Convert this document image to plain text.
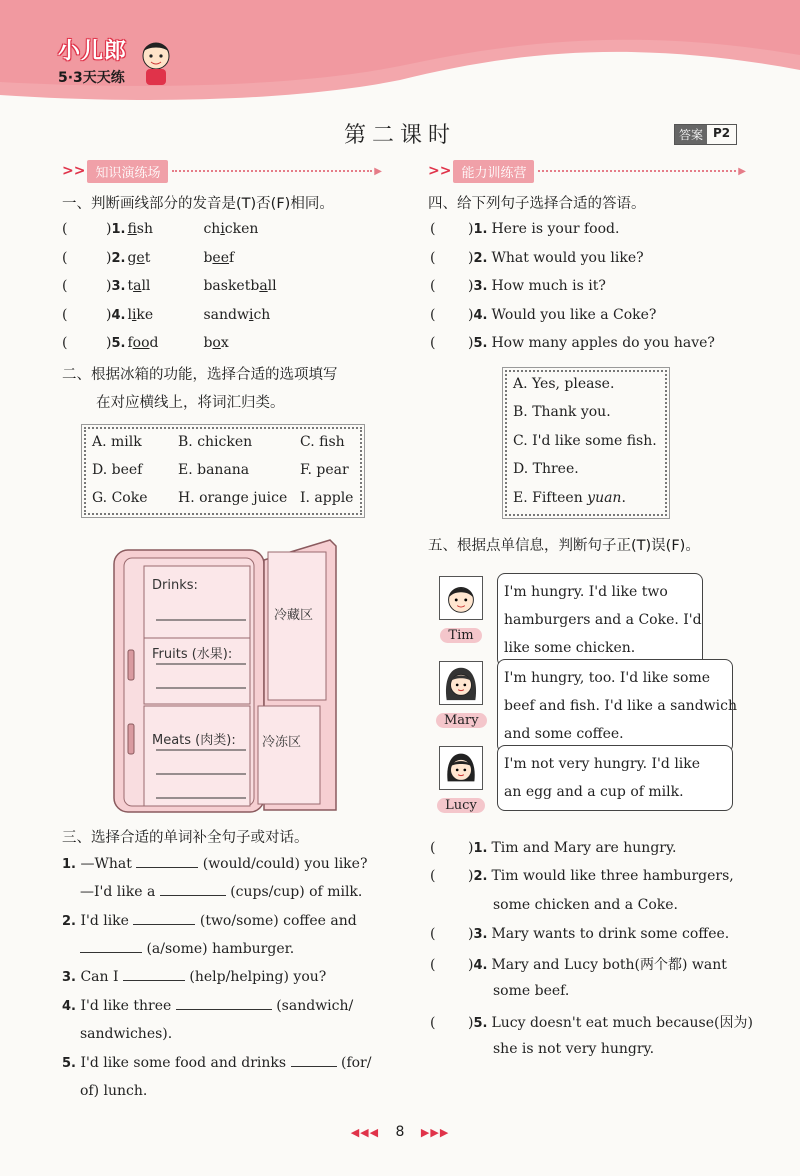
小儿郎
5·3天天练
第二课时	答案 P2
>> 知识演练场	▶
一、判断画线部分的发音是(T)否(F)相同。
(	)1. fish	chicken
(	)2. get	beef
(	)3. tall	basketball
(	)4. like	sandwich
(	)5. food	box
二、根据冰箱的功能，选择合适的选项填写
在对应横线上，将词汇归类。
A. milk	B. chicken	C. fish
D. beef	E. banana	F. pear
G. Coke H. orange juice I. apple
Drinks:
Fruits (水果):
Meats (肉类):
冷藏区
冷冻区
三、选择合适的单词补全句子或对话。
1. —What	(would/could) you like?
—I'd like a	(cups/cup) of milk.
2. I'd like	(two/some) coffee and
(a/some) hamburger.
3. Can I	(help/helping) you?
4. I'd like three	(sandwich/
sandwiches).
5. I'd like some food and drinks	(for/
of) lunch.
>> 能力训练营	▶
四、给下列句子选择合适的答语。
( )1. Here is your food.
( )2. What would you like?
( )3. How much is it?
( )4. Would you like a Coke?
( )5. How many apples do you have?
A. Yes, please.
B. Thank you.
C. I'd like some fish.
D. Three.
E. Fifteen yuan.
五、根据点单信息，判断句子正(T)误(F)。
Tim
I'm hungry. I'd like two
hamburgers and a Coke. I'd
like some chicken.
Mary
I'm hungry, too. I'd like some
beef and fish. I'd like a sandwich
and some coffee.
Lucy
I'm not very hungry. I'd like
an egg and a cup of milk.
( )1. Tim and Mary are hungry.
( )2. Tim would like three hamburgers,
some chicken and a Coke.
( )3. Mary wants to drink some coffee.
( )4. Mary and Lucy both(两个都) want
some beef.
( )5. Lucy doesn't eat much because(因为)
she is not very hungry.
◀◀◀ 8 ▶▶▶
